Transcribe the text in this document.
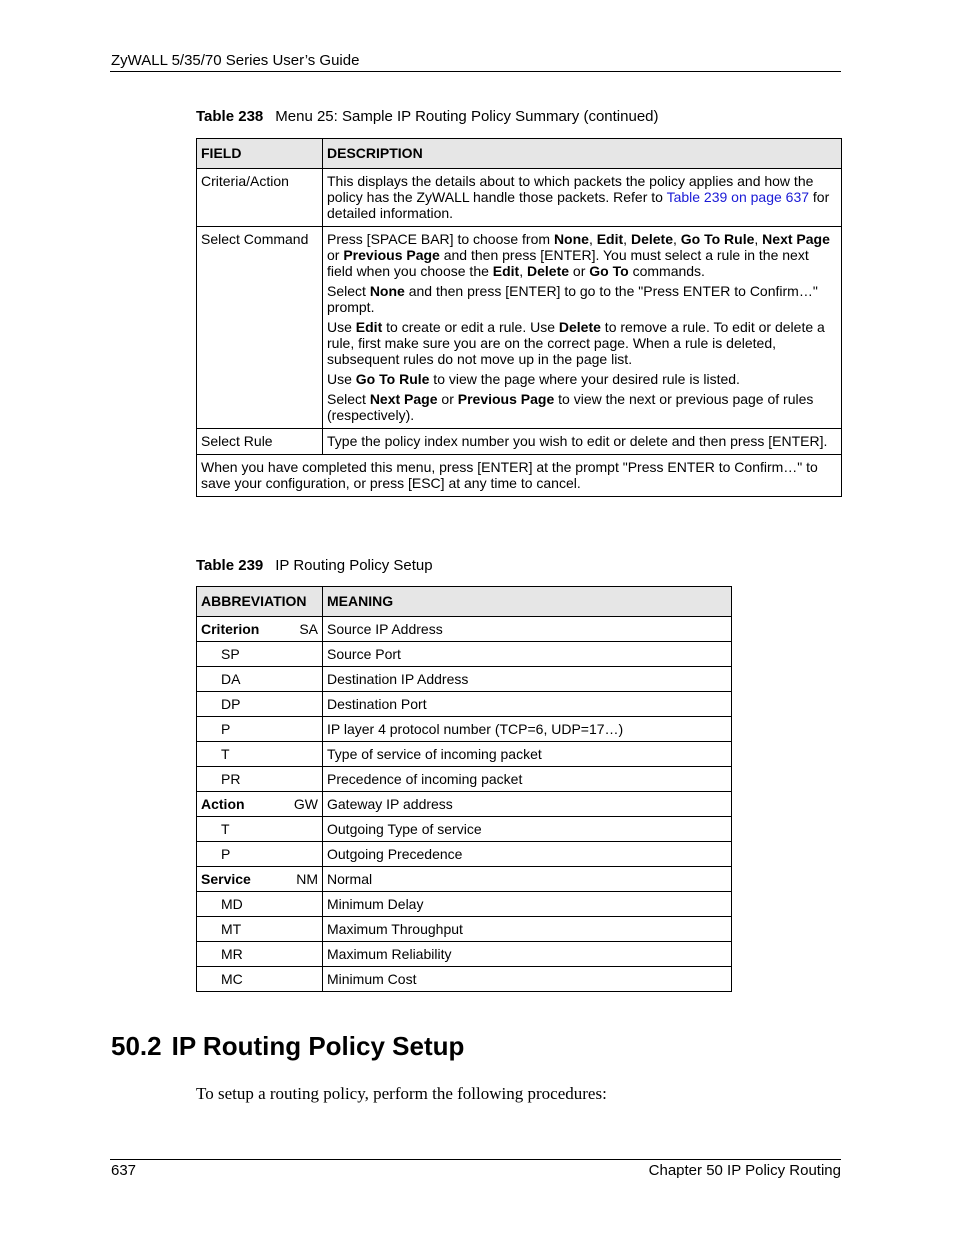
ZyWALL 5/35/70 Series User’s Guide
Table 238 Menu 25: Sample IP Routing Policy Summary (continued)
FIELD	DESCRIPTION
Criteria/Action	This displays the details about to which packets the policy applies and how the policy has the ZyWALL handle those packets. Refer to Table 239 on page 637 for detailed information.
Select Command	Press [SPACE BAR] to choose from None, Edit, Delete, Go To Rule, Next Page or Previous Page and then press [ENTER]. You must select a rule in the next field when you choose the Edit, Delete or Go To commands.

Select None and then press [ENTER] to go to the "Press ENTER to Confirm…" prompt.

Use Edit to create or edit a rule. Use Delete to remove a rule. To edit or delete a rule, first make sure you are on the correct page. When a rule is deleted, subsequent rules do not move up in the page list.

Use Go To Rule to view the page where your desired rule is listed.

Select Next Page or Previous Page to view the next or previous page of rules (respectively).

Select Rule	Type the policy index number you wish to edit or delete and then press [ENTER].
When you have completed this menu, press [ENTER] at the prompt "Press ENTER to Confirm…" to save your configuration, or press [ESC] at any time to cancel.	
Table 239 IP Routing Policy Setup
ABBREVIATION	MEANING

Criterion SA	Source IP Address
SP	Source Port
DA	Destination IP Address
DP	Destination Port
P	IP layer 4 protocol number (TCP=6, UDP=17…)
T	Type of service of incoming packet
PR	Precedence of incoming packet

Action GW	Gateway IP address
T	Outgoing Type of service
P	Outgoing Precedence

Service NM	Normal
MD	Minimum Delay
MT	Maximum Throughput
MR	Maximum Reliability
MC	Minimum Cost
50.2 IP Routing Policy Setup
To setup a routing policy, perform the following procedures:
637	Chapter 50 IP Policy Routing
